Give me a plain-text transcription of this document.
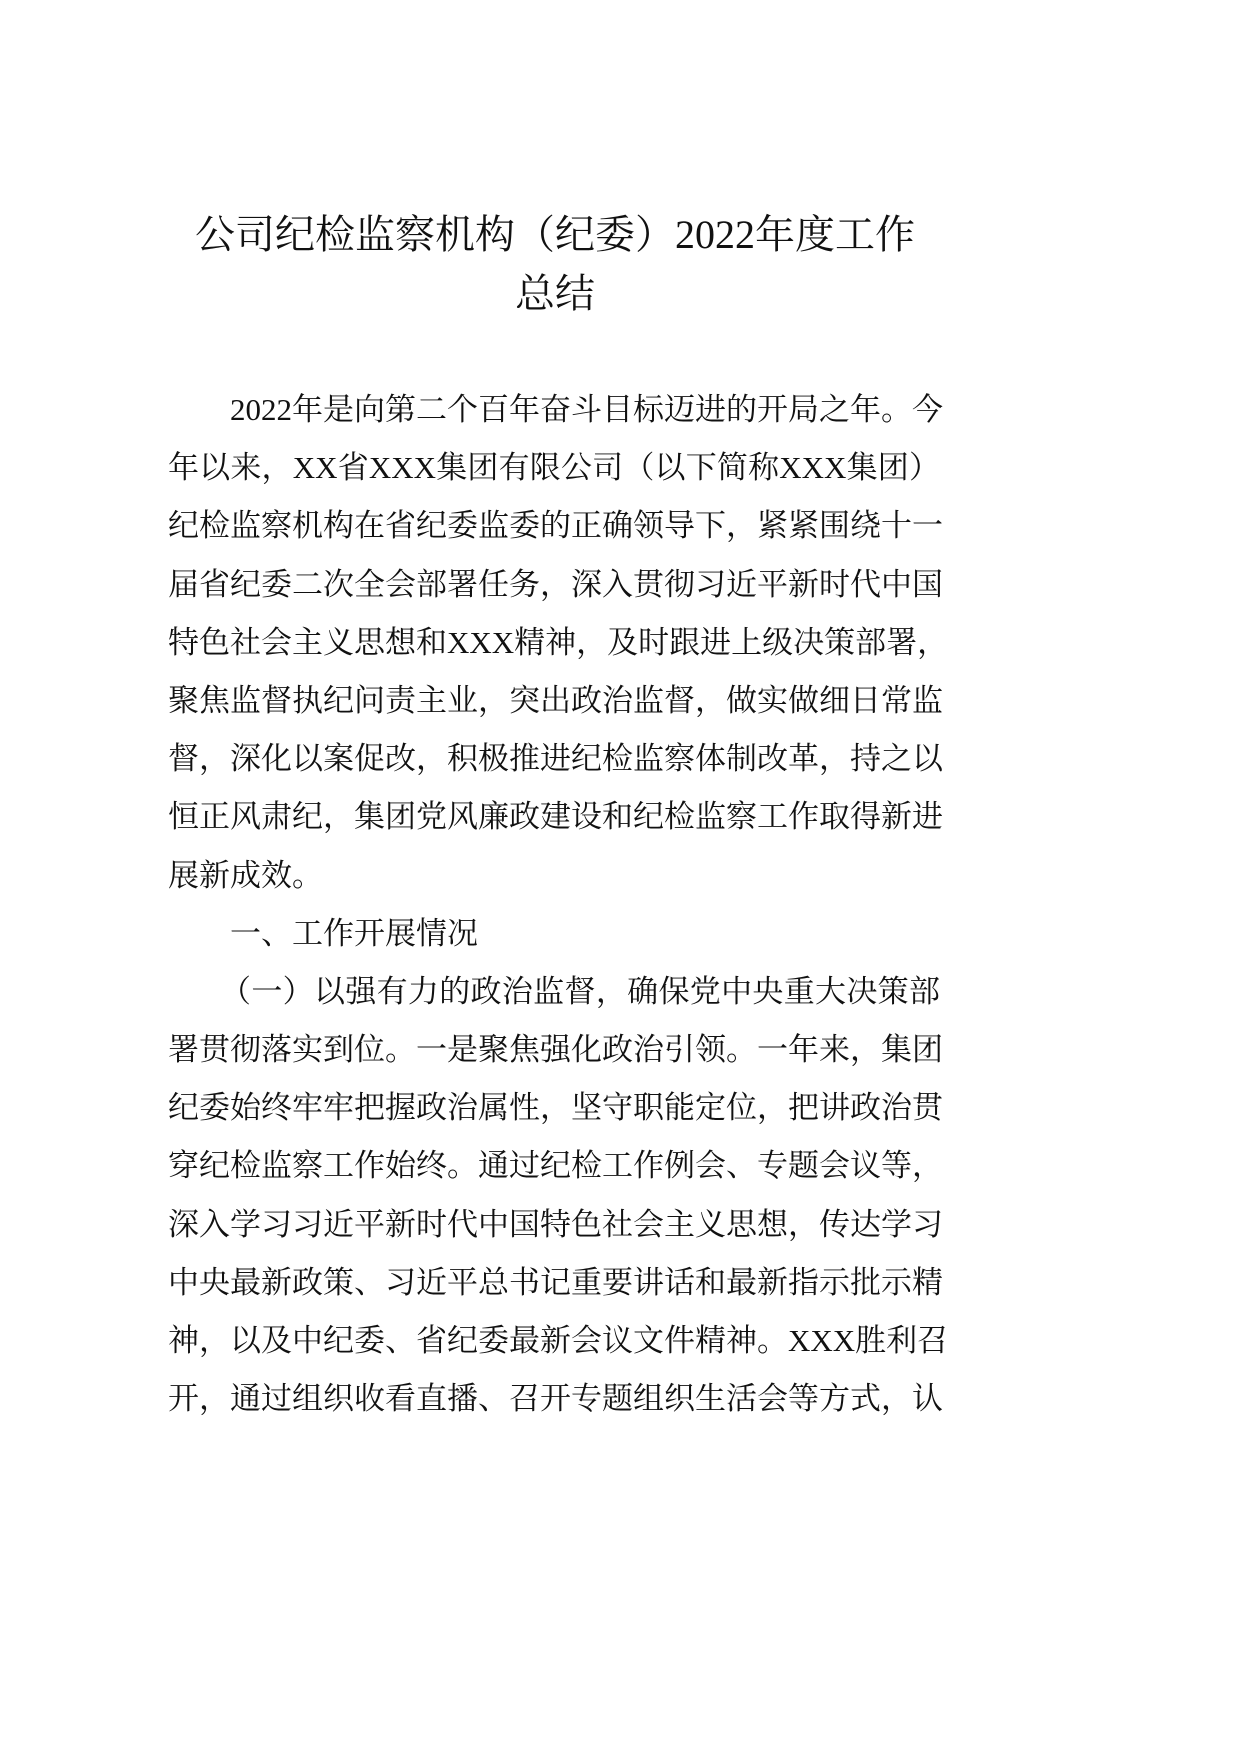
公司纪检监察机构（纪委）2022年度工作
总结
2022年是向第二个百年奋斗目标迈进的开局之年。今
年以来，XX省XXX集团有限公司（以下简称XXX集团）
纪检监察机构在省纪委监委的正确领导下，紧紧围绕十一
届省纪委二次全会部署任务，深入贯彻习近平新时代中国
特色社会主义思想和XXX精神，及时跟进上级决策部署，
聚焦监督执纪问责主业，突出政治监督，做实做细日常监
督，深化以案促改，积极推进纪检监察体制改革，持之以
恒正风肃纪，集团党风廉政建设和纪检监察工作取得新进
展新成效。
一、工作开展情况
（一）以强有力的政治监督，确保党中央重大决策部
署贯彻落实到位。一是聚焦强化政治引领。一年来，集团
纪委始终牢牢把握政治属性，坚守职能定位，把讲政治贯
穿纪检监察工作始终。通过纪检工作例会、专题会议等，
深入学习习近平新时代中国特色社会主义思想，传达学习
中央最新政策、习近平总书记重要讲话和最新指示批示精
神，以及中纪委、省纪委最新会议文件精神。XXX胜利召
开，通过组织收看直播、召开专题组织生活会等方式，认
